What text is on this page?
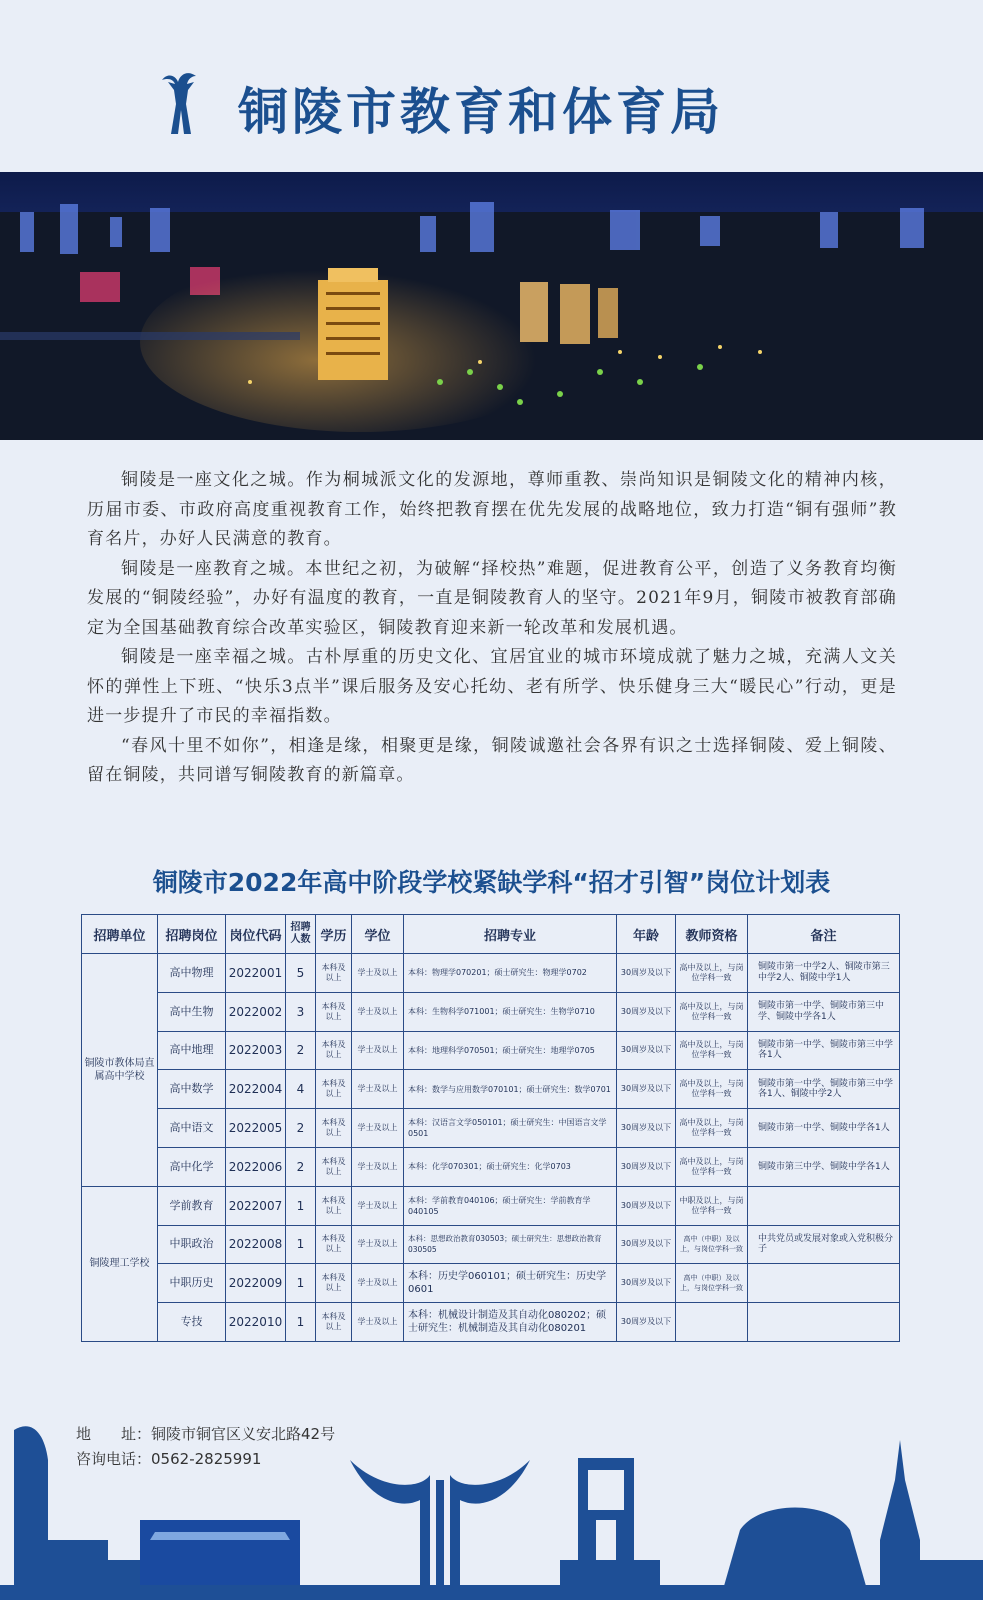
铜陵市教育和体育局

铜陵是一座文化之城。作为桐城派文化的发源地，尊师重教、崇尚知识是铜陵文化的精神内核，历届市委、市政府高度重视教育工作，始终把教育摆在优先发展的战略地位，致力打造“铜有强师”教育名片，办好人民满意的教育。

铜陵是一座教育之城。本世纪之初，为破解“择校热”难题，促进教育公平，创造了义务教育均衡发展的“铜陵经验”，办好有温度的教育，一直是铜陵教育人的坚守。2021年9月，铜陵市被教育部确定为全国基础教育综合改革实验区，铜陵教育迎来新一轮改革和发展机遇。

铜陵是一座幸福之城。古朴厚重的历史文化、宜居宜业的城市环境成就了魅力之城，充满人文关怀的弹性上下班、“快乐3点半”课后服务及安心托幼、老有所学、快乐健身三大“暖民心”行动，更是进一步提升了市民的幸福指数。

“春风十里不如你”，相逢是缘，相聚更是缘，铜陵诚邀社会各界有识之士选择铜陵、爱上铜陵、留在铜陵，共同谱写铜陵教育的新篇章。

铜陵市2022年高中阶段学校紧缺学科“招才引智”岗位计划表
招聘单位	招聘岗位	岗位代码	招聘人数	学历	学位	招聘专业	年龄	教师资格	备注
铜陵市教体局直属高中学校	高中物理	2022001	5	本科及以上	学士及以上	本科：物理学070201；硕士研究生：物理学0702	30周岁及以下	高中及以上，与岗位学科一致	铜陵市第一中学2人、铜陵市第三中学2人、铜陵中学1人
	高中生物	2022002	3	本科及以上	学士及以上	本科：生物科学071001；硕士研究生：生物学0710	30周岁及以下	高中及以上，与岗位学科一致	铜陵市第一中学、铜陵市第三中学、铜陵中学各1人
	高中地理	2022003	2	本科及以上	学士及以上	本科：地理科学070501；硕士研究生：地理学0705	30周岁及以下	高中及以上，与岗位学科一致	铜陵市第一中学、铜陵市第三中学各1人
	高中数学	2022004	4	本科及以上	学士及以上	本科：数学与应用数学070101；硕士研究生：数学0701	30周岁及以下	高中及以上，与岗位学科一致	铜陵市第一中学、铜陵市第三中学各1人、铜陵中学2人
	高中语文	2022005	2	本科及以上	学士及以上	本科：汉语言文学050101；硕士研究生：中国语言文学0501	30周岁及以下	高中及以上，与岗位学科一致	铜陵市第一中学、铜陵中学各1人
	高中化学	2022006	2	本科及以上	学士及以上	本科：化学070301；硕士研究生：化学0703	30周岁及以下	高中及以上，与岗位学科一致	铜陵市第三中学、铜陵中学各1人
铜陵理工学校	学前教育	2022007	1	本科及以上	学士及以上	本科：学前教育040106；硕士研究生：学前教育学040105	30周岁及以下	中职及以上，与岗位学科一致	
	中职政治	2022008	1	本科及以上	学士及以上	本科：思想政治教育030503；硕士研究生：思想政治教育030505	30周岁及以下	高中（中职）及以上，与岗位学科一致	中共党员或发展对象或入党积极分子
	中职历史	2022009	1	本科及以上	学士及以上	本科：历史学060101；硕士研究生：历史学0601	30周岁及以下	高中（中职）及以上，与岗位学科一致	
	专技	2022010	1	本科及以上	学士及以上	本科：机械设计制造及其自动化080202；硕士研究生：机械制造及其自动化080201	30周岁及以下		
地　　址：铜陵市铜官区义安北路42号
咨询电话：0562-2825991
